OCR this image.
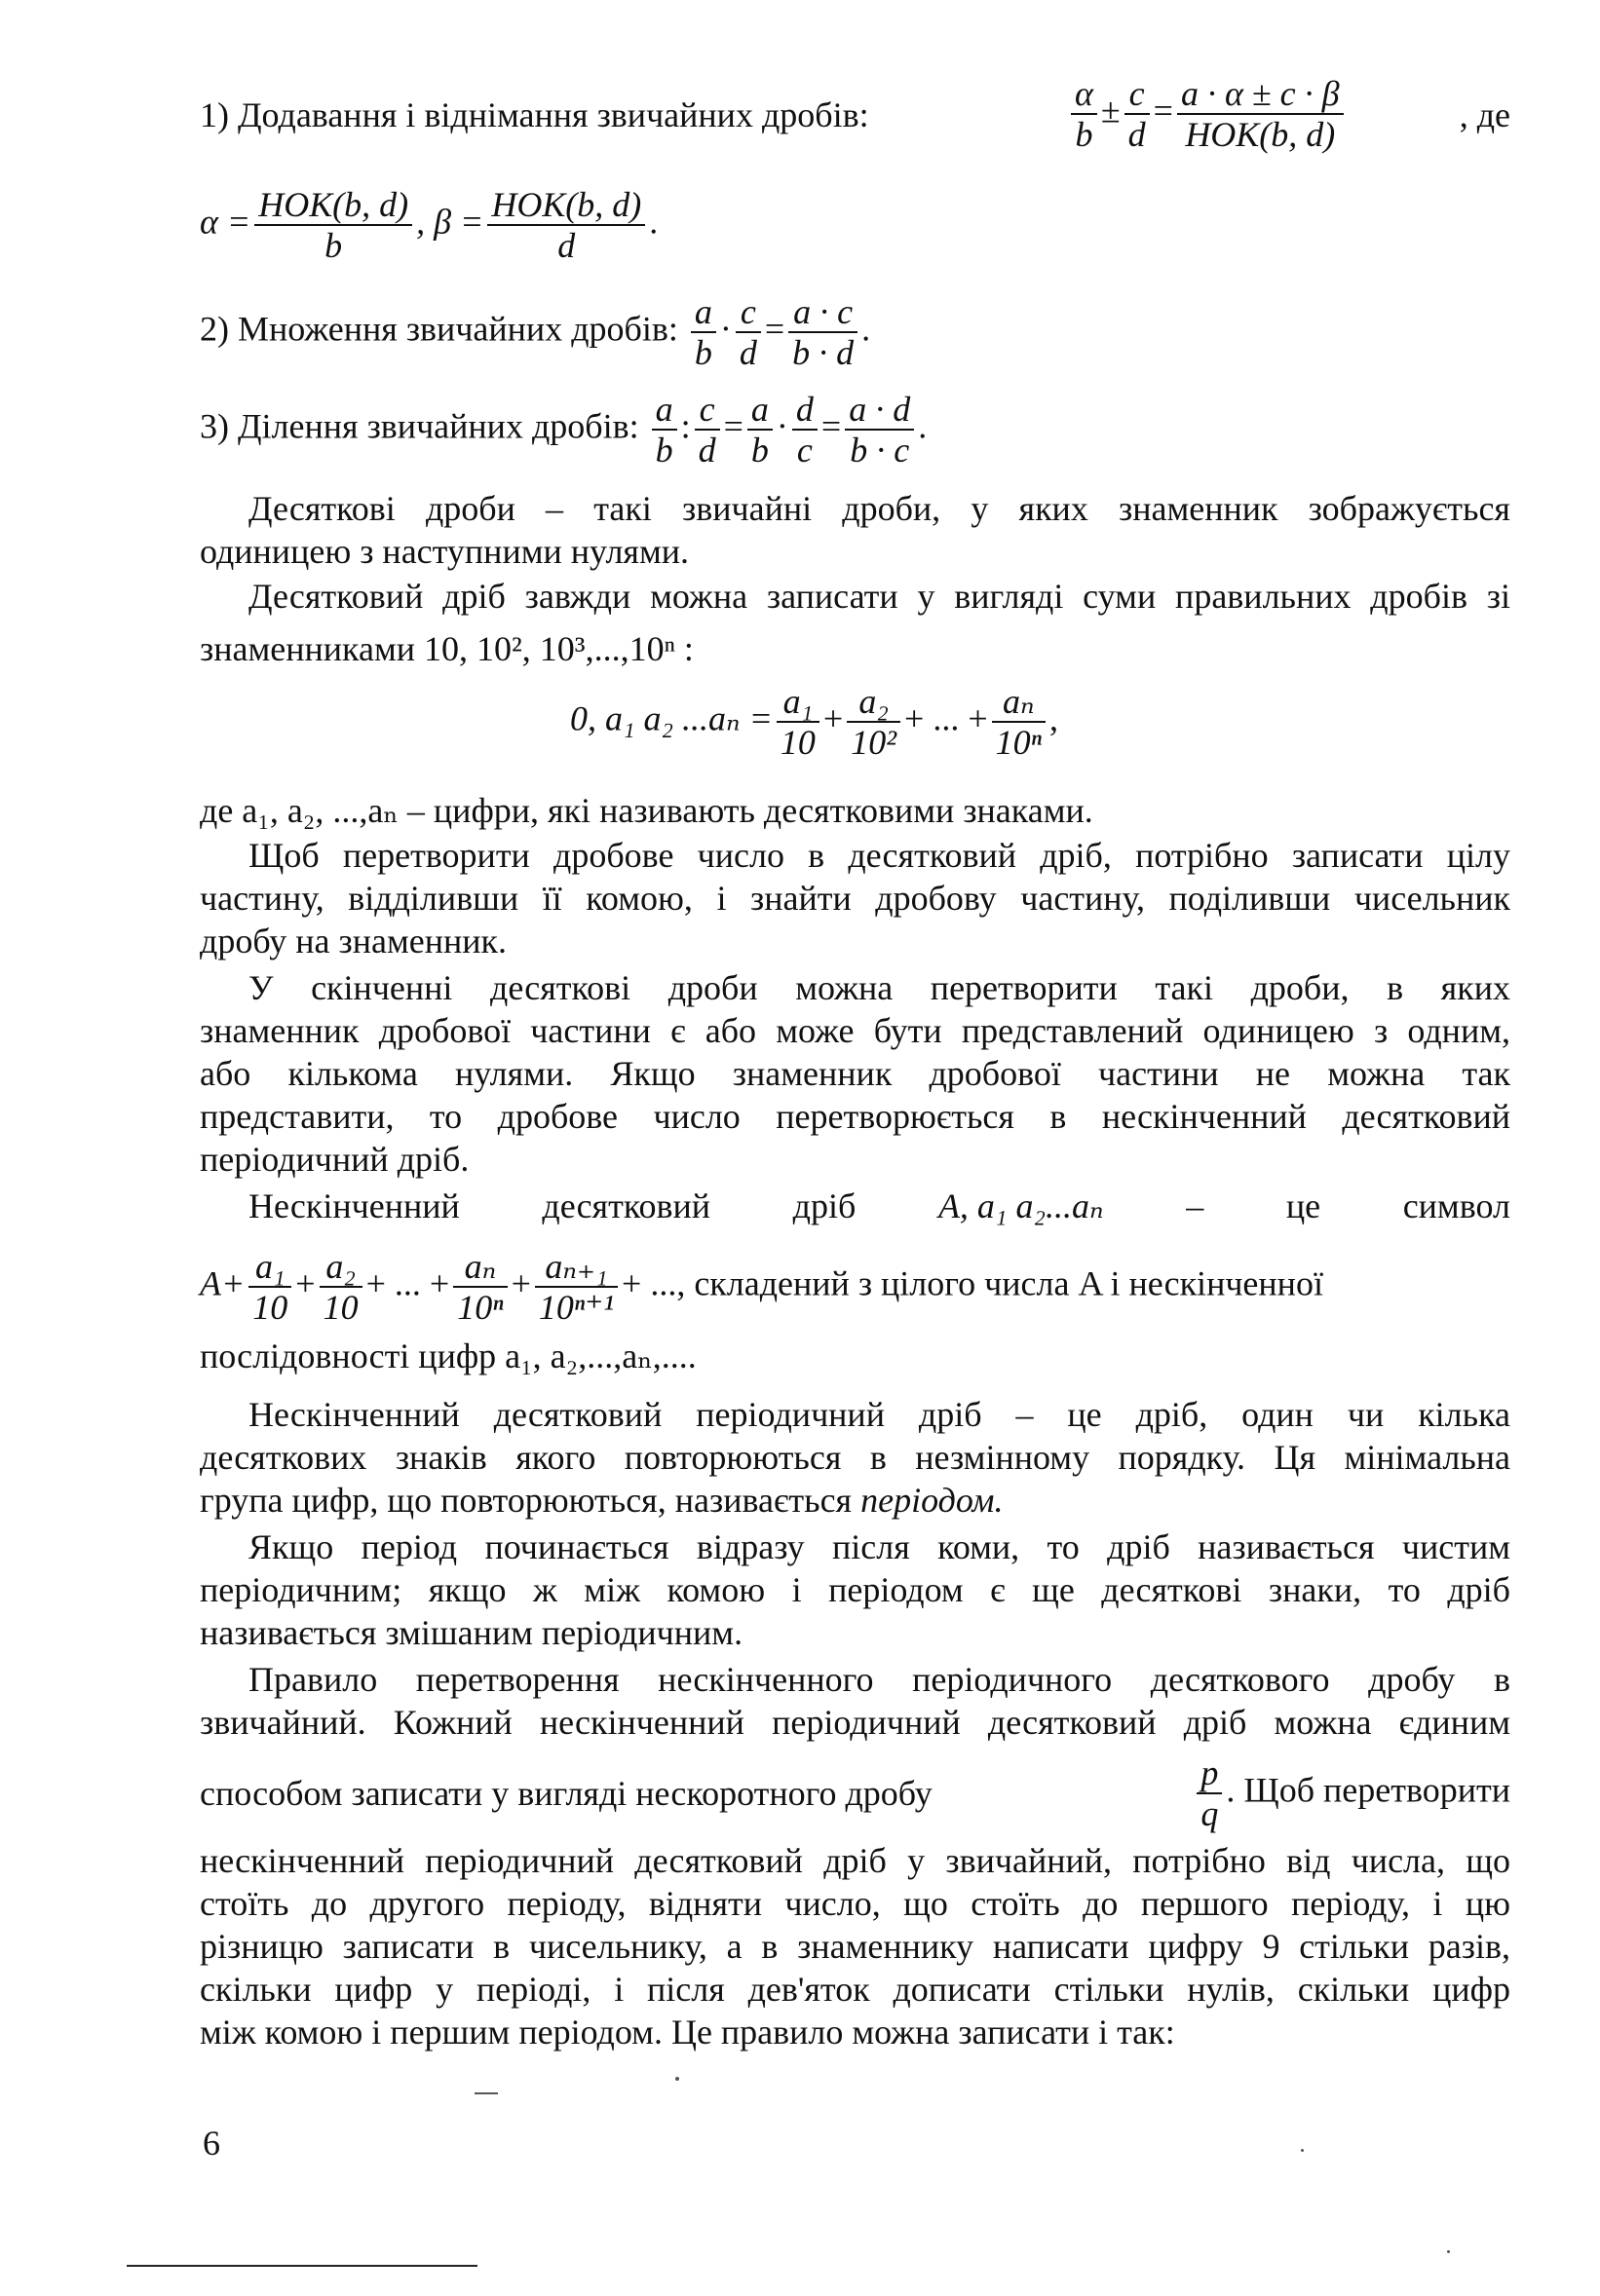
1) Додавання і віднімання звичайних дробів:	$\frac{\alpha}{b} \pm \frac{c}{d} = \frac{a \cdot \alpha \pm c \cdot \beta}{\text{НОК(b, d)}}$	, де
$\alpha = \frac{\text{НОК(b, d)}}{b}$ , $\beta = \frac{\text{НОК(b, d)}}{d}$ .
2) Множення звичайних дробів: $\frac{a}{b} \cdot \frac{c}{d} = \frac{a \cdot c}{b \cdot d}$ .
3) Ділення звичайних дробів: $\frac{a}{b}$ : $\frac{c}{d} = \frac{a}{b} \cdot \frac{d}{c} = \frac{a \cdot d}{b \cdot c}$ .
Десяткові дроби – такі звичайні дроби, у яких знаменник зображується
одиницею з наступними нулями.
Десятковий дріб завжди можна записати у вигляді суми правильних дробів зі
знаменниками 10, 10², 10³,...,10ⁿ :
0, a₁ a₂ $...a_n = \frac{\text{a₁}}{10} + \frac{\text{a₂}}{\text{10²}}$ + ... + $\frac{\text{aₙ}}{\text{10ⁿ}}$ ,
де a₁, a₂, ...,aₙ – цифри, які називають десятковими знаками.
Щоб перетворити дробове число в десятковий дріб, потрібно записати цілу
частину, відділивши її комою, і знайти дробову частину, поділивши чисельник
дробу на знаменник.
У скінченні десяткові дроби можна перетворити такі дроби, в яких
знаменник дробової частини є або може бути представлений одиницею з одним,
або кількома нулями. Якщо знаменник дробової частини не можна так
представити, то дробове число перетворюється в нескінченний десятковий
періодичний дріб.
Нескінченний десятковий дріб A, a₁ a₂...aₙ – це символ
$A+ \frac{\text{a₁}}{10} + \frac{\text{a₂}}{10}$ + ... + $\frac{\text{aₙ}}{\text{10ⁿ}} + \frac{\text{aₙ₊₁}}{\text{10ⁿ⁺¹}}$ + ..., складений з цілого числа A і нескінченної
послідовності цифр a₁, a₂,...,aₙ,....
Нескінченний десятковий періодичний дріб – це дріб, один чи кілька
десяткових знаків якого повторюються в незмінному порядку. Ця мінімальна
група цифр, що повторюються, називається періодом.
Якщо період починається відразу після коми, то дріб називається чистим
періодичним; якщо ж між комою і періодом є ще десяткові знаки, то дріб
називається змішаним періодичним.
Правило перетворення нескінченного періодичного десяткового дробу в
звичайний. Кожний нескінченний періодичний десятковий дріб можна єдиним
способом записати у вигляді нескоротного дробу	$\frac{p}{q}$ . Щоб перетворити
нескінченний періодичний десятковий дріб у звичайний, потрібно від числа, що
стоїть до другого періоду, відняти число, що стоїть до першого періоду, і цю
різницю записати в чисельнику, а в знаменнику написати цифру 9 стільки разів,
скільки цифр у періоді, і після дев'яток дописати стільки нулів, скільки цифр
між комою і першим періодом. Це правило можна записати і так:
6
